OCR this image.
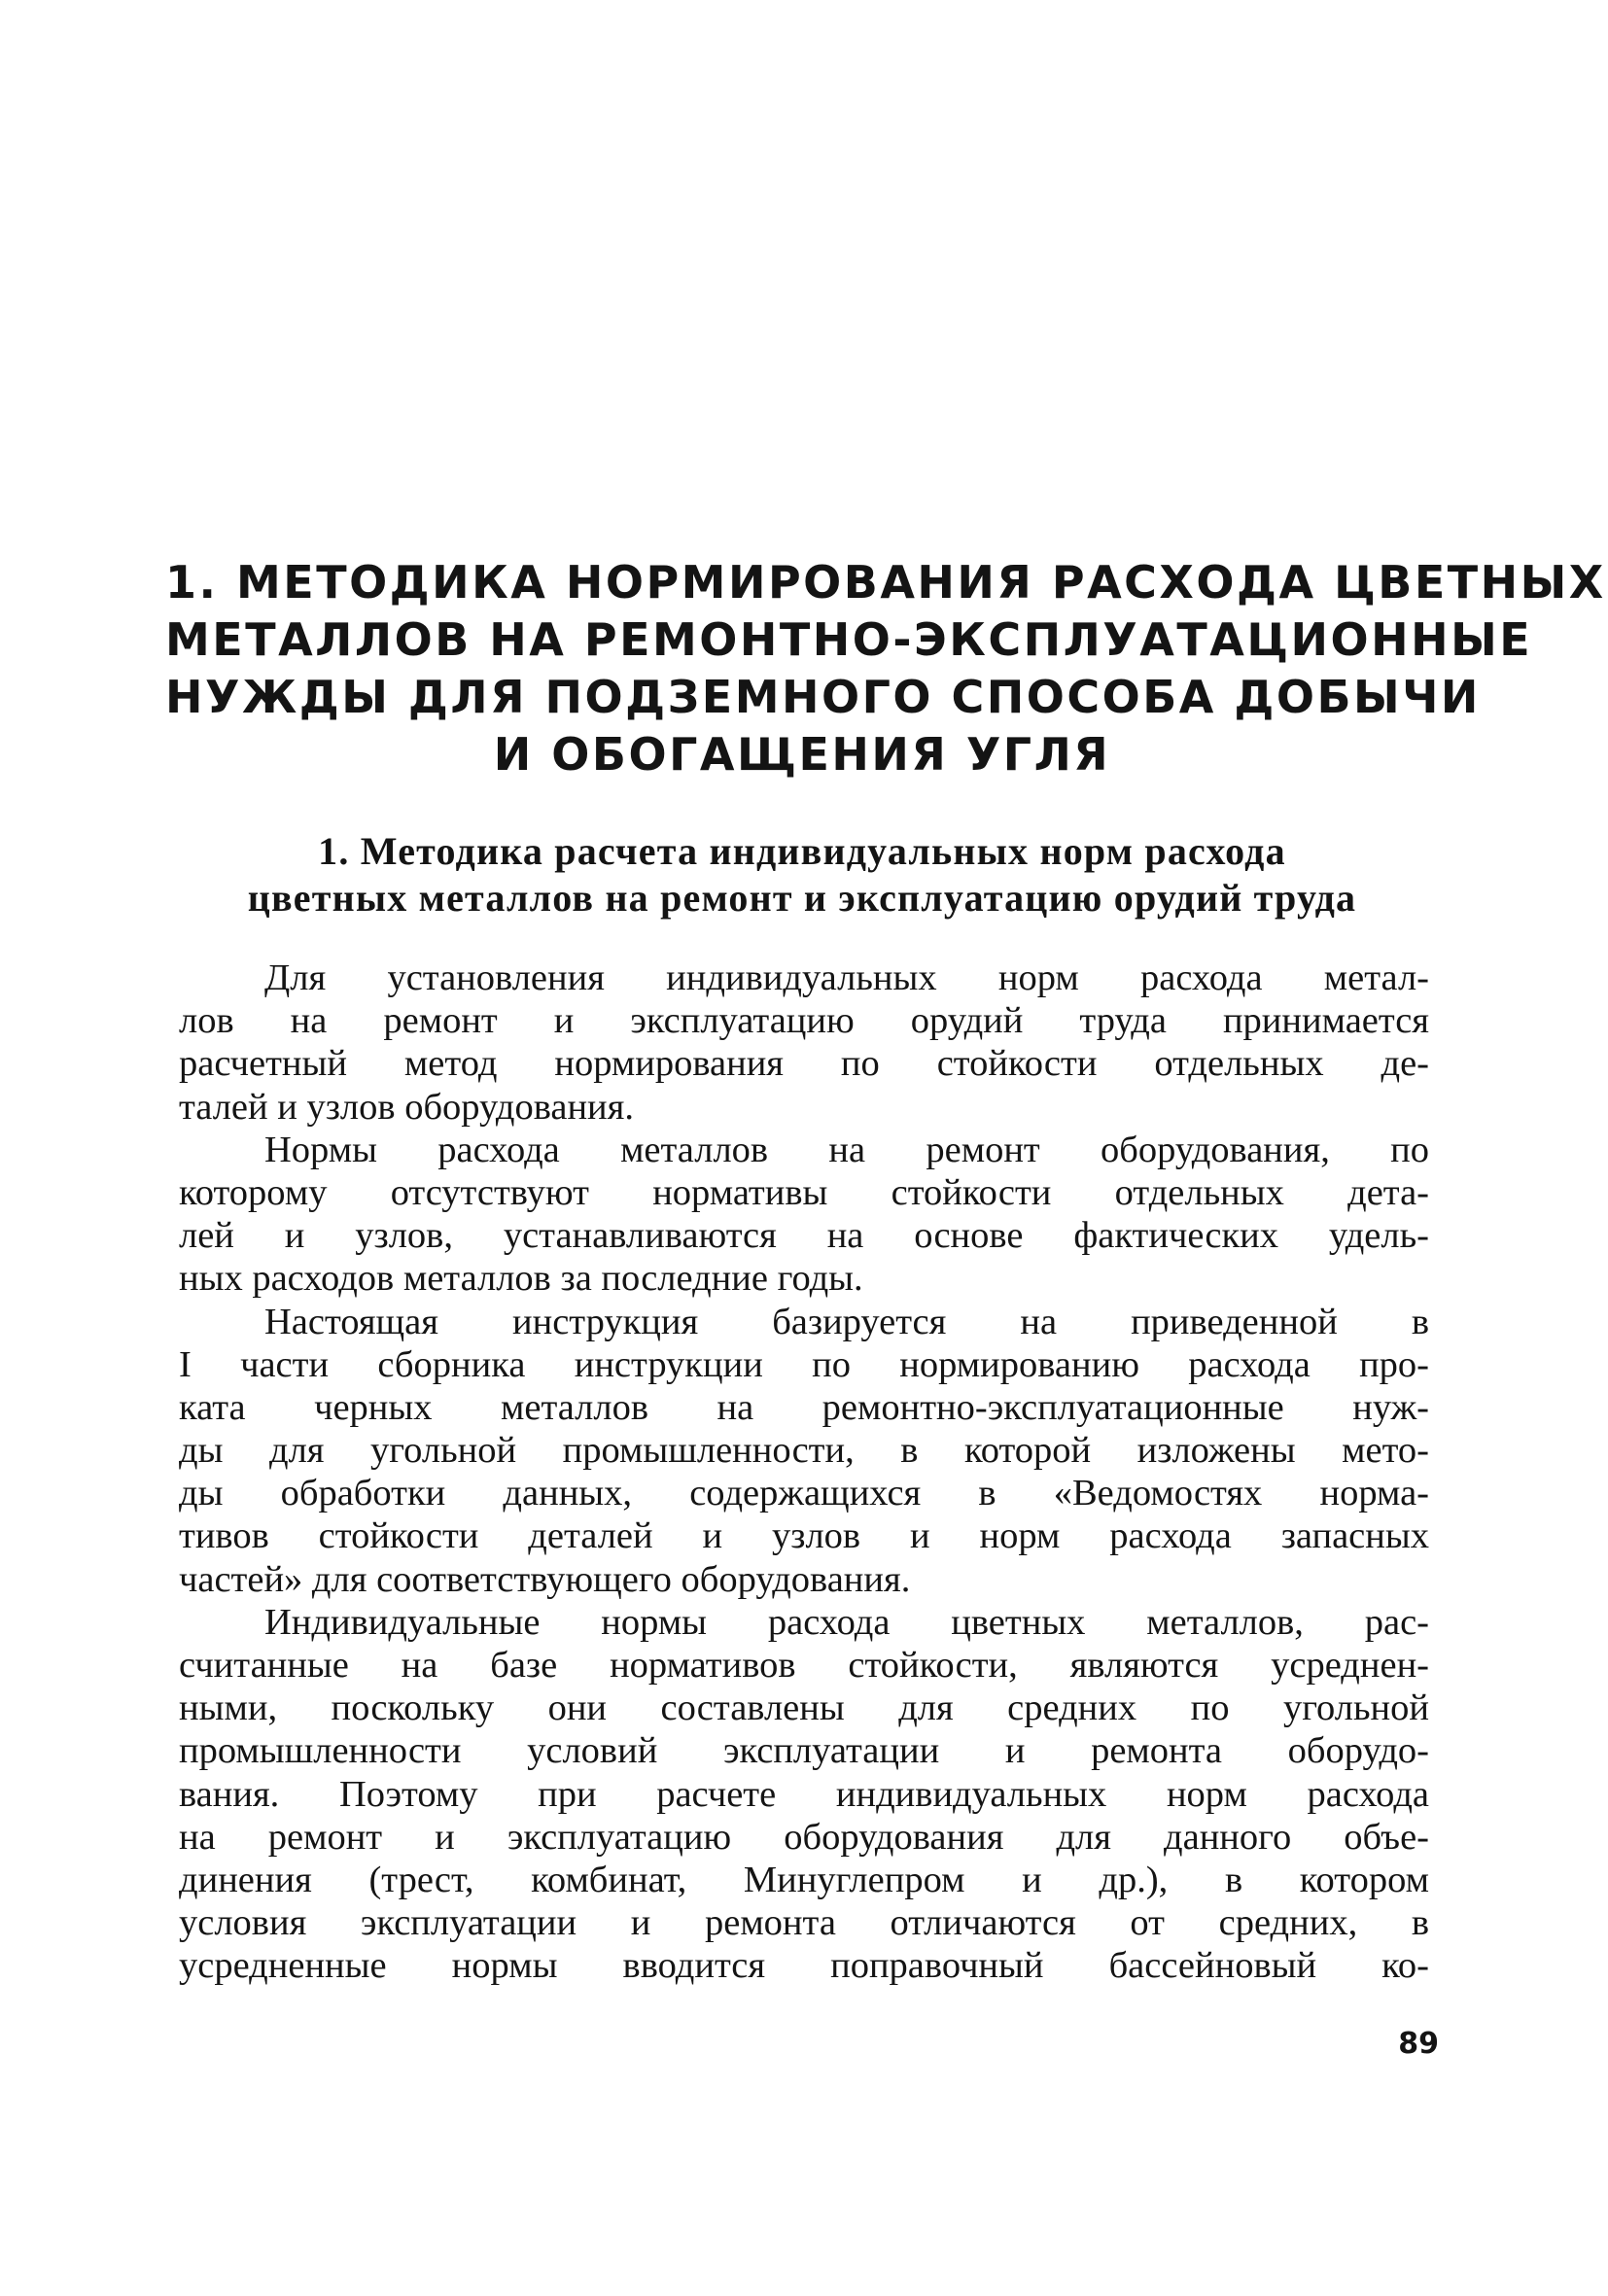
1. МЕТОДИКА НОРМИРОВАНИЯ РАСХОДА ЦВЕТНЫХ
МЕТАЛЛОВ НА РЕМОНТНО-ЭКСПЛУАТАЦИОННЫЕ
НУЖДЫ ДЛЯ ПОДЗЕМНОГО СПОСОБА ДОБЫЧИ
И ОБОГАЩЕНИЯ УГЛЯ
1. Методика расчета индивидуальных норм расхода
цветных металлов на ремонт и эксплуатацию орудий труда
Для установления индивидуальных норм расхода метал-
лов на ремонт и эксплуатацию орудий труда принимается
расчетный метод нормирования по стойкости отдельных де-
талей и узлов оборудования.
Нормы расхода металлов на ремонт оборудования, по
которому отсутствуют нормативы стойкости отдельных дета-
лей и узлов, устанавливаются на основе фактических удель-
ных расходов металлов за последние годы.
Настоящая инструкция базируется на приведенной в
I части сборника инструкции по нормированию расхода про-
ката черных металлов на ремонтно-эксплуатационные нуж-
ды для угольной промышленности, в которой изложены мето-
ды обработки данных, содержащихся в «Ведомостях норма-
тивов стойкости деталей и узлов и норм расхода запасных
частей» для соответствующего оборудования.
Индивидуальные нормы расхода цветных металлов, рас-
считанные на базе нормативов стойкости, являются усреднен-
ными, поскольку они составлены для средних по угольной
промышленности условий эксплуатации и ремонта оборудо-
вания. Поэтому при расчете индивидуальных норм расхода
на ремонт и эксплуатацию оборудования для данного объе-
динения (трест, комбинат, Минуглепром и др.), в котором
условия эксплуатации и ремонта отличаются от средних, в
усредненные нормы вводится поправочный бассейновый ко-
89
